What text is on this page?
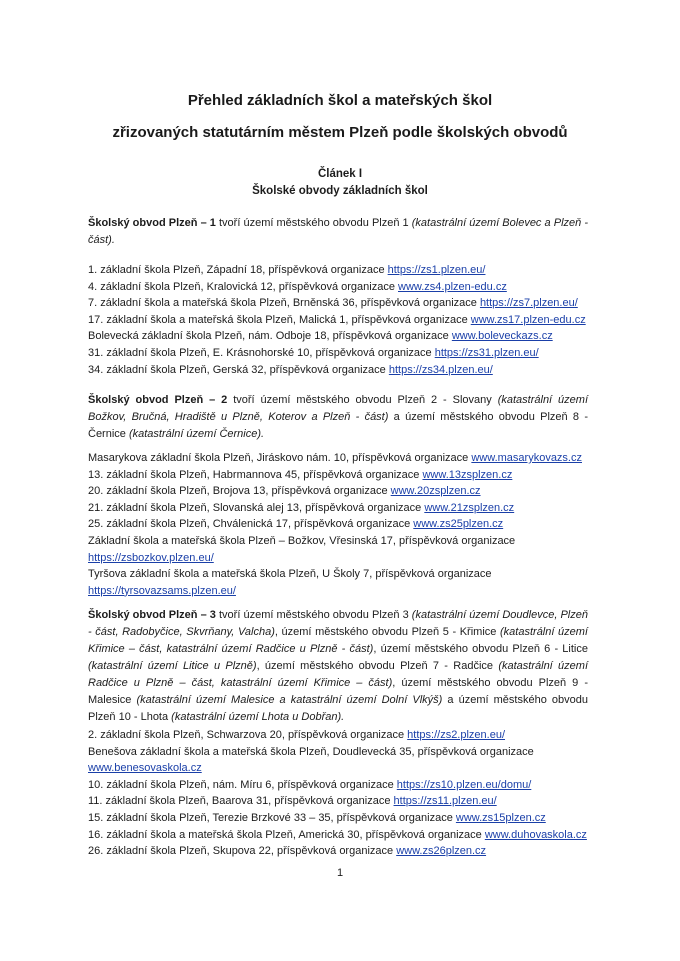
Přehled základních škol a mateřských škol
zřizovaných statutárním městem Plzeň podle školských obvodů
Článek I
Školské obvody základních škol

Školský obvod Plzeň – 1 tvoří území městského obvodu Plzeň 1 (katastrální území Bolevec a Plzeň - část).

1. základní škola Plzeň, Západní 18, příspěvková organizace https://zs1.plzen.eu/
4. základní škola Plzeň, Kralovická 12, příspěvková organizace www.zs4.plzen-edu.cz
7. základní škola a mateřská škola Plzeň, Brněnská 36, příspěvková organizace https://zs7.plzen.eu/
17. základní škola a mateřská škola Plzeň, Malická 1, příspěvková organizace www.zs17.plzen-edu.cz
Bolevecká základní škola Plzeň, nám. Odboje 18, příspěvková organizace www.boleveckazs.cz
31. základní škola Plzeň, E. Krásnohorské 10, příspěvková organizace https://zs31.plzen.eu/
34. základní škola Plzeň, Gerská 32, příspěvková organizace https://zs34.plzen.eu/

Školský obvod Plzeň – 2 tvoří území městského obvodu Plzeň 2 - Slovany (katastrální území Božkov, Bručná, Hradiště u Plzně, Koterov a Plzeň - část) a území městského obvodu Plzeň 8 - Černice (katastrální území Černice).

Masarykova základní škola Plzeň, Jiráskovo nám. 10, příspěvková organizace www.masarykovazs.cz
13. základní škola Plzeň, Habrmannova 45, příspěvková organizace www.13zsplzen.cz
20. základní škola Plzeň, Brojova 13, příspěvková organizace www.20zsplzen.cz
21. základní škola Plzeň, Slovanská alej 13, příspěvková organizace www.21zsplzen.cz
25. základní škola Plzeň, Chválenická 17, příspěvková organizace www.zs25plzen.cz
Základní škola a mateřská škola Plzeň – Božkov, Vřesinská 17, příspěvková organizace
https://zsbozkov.plzen.eu/
Tyršova základní škola a mateřská škola Plzeň, U Školy 7, příspěvková organizace
https://tyrsovazsams.plzen.eu/

Školský obvod Plzeň – 3 tvoří území městského obvodu Plzeň 3 (katastrální území Doudlevce, Plzeň - část, Radobyčice, Skvrňany, Valcha), území městského obvodu Plzeň 5 - Křimice (katastrální území Křimice – část, katastrální území Radčice u Plzně - část), území městského obvodu Plzeň 6 - Litice (katastrální území Litice u Plzně), území městského obvodu Plzeň 7 - Radčice (katastrální území Radčice u Plzně – část, katastrální území Křimice – část), území městského obvodu Plzeň 9 - Malesice (katastrální území Malesice a katastrální území Dolní Vlkýš) a území městského obvodu Plzeň 10 - Lhota (katastrální území Lhota u Dobřan).

2. základní škola Plzeň, Schwarzova 20, příspěvková organizace https://zs2.plzen.eu/
Benešova základní škola a mateřská škola Plzeň, Doudlevecká 35, příspěvková organizace
www.benesovaskola.cz
10. základní škola Plzeň, nám. Míru 6, příspěvková organizace https://zs10.plzen.eu/domu/
11. základní škola Plzeň, Baarova 31, příspěvková organizace https://zs11.plzen.eu/
15. základní škola Plzeň, Terezie Brzkové 33 – 35, příspěvková organizace www.zs15plzen.cz
16. základní škola a mateřská škola Plzeň, Americká 30, příspěvková organizace www.duhovaskola.cz
26. základní škola Plzeň, Skupova 22, příspěvková organizace www.zs26plzen.cz
1
